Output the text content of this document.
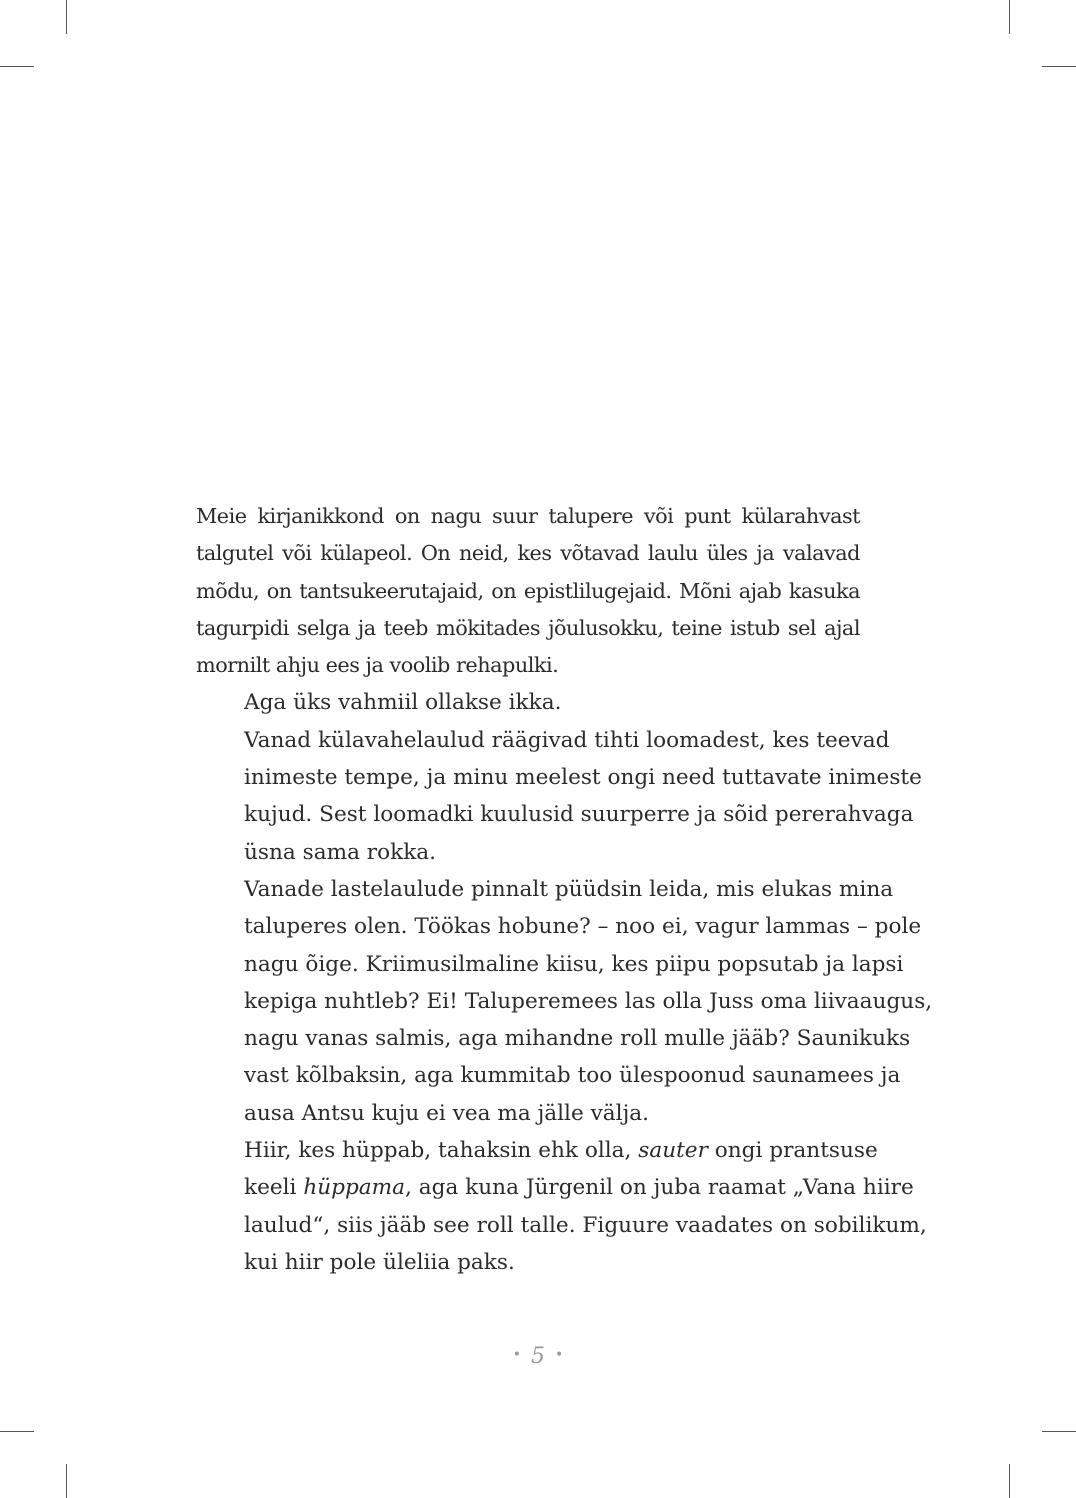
Meie kirjanikkond on nagu suur talupere või punt külarahvast
talgutel või külapeol. On neid, kes võtavad laulu üles ja valavad
mõdu, on tantsukeerutajaid, on epistlilugejaid. Mõni ajab kasuka
tagurpidi selga ja teeb mökitades jõulusokku, teine istub sel ajal
mornilt ahju ees ja voolib rehapulki.

Aga üks vahmiil ollakse ikka.

Vanad külavahelaulud räägivad tihti loomadest, kes teevad
inimeste tempe, ja minu meelest ongi need tuttavate inimeste
kujud. Sest loomadki kuulusid suurperre ja sõid pererahvaga
üsna sama rokka.

Vanade lastelaulude pinnalt püüdsin leida, mis elukas mina
taluperes olen. Töökas hobune? – noo ei, vagur lammas – pole
nagu õige. Kriimusilmaline kiisu, kes piipu popsutab ja lapsi
kepiga nuhtleb? Ei! Taluperemees las olla Juss oma liivaaugus,
nagu vanas salmis, aga mihandne roll mulle jääb? Saunikuks
vast kõlbaksin, aga kummitab too ülespoonud saunamees ja
ausa Antsu kuju ei vea ma jälle välja.

Hiir, kes hüppab, tahaksin ehk olla, sauter ongi prantsuse
keeli hüppama, aga kuna Jürgenil on juba raamat „Vana hiire
laulud“, siis jääb see roll talle. Figuure vaadates on sobilikum,
kui hiir pole üleliia paks.

• 5 •
